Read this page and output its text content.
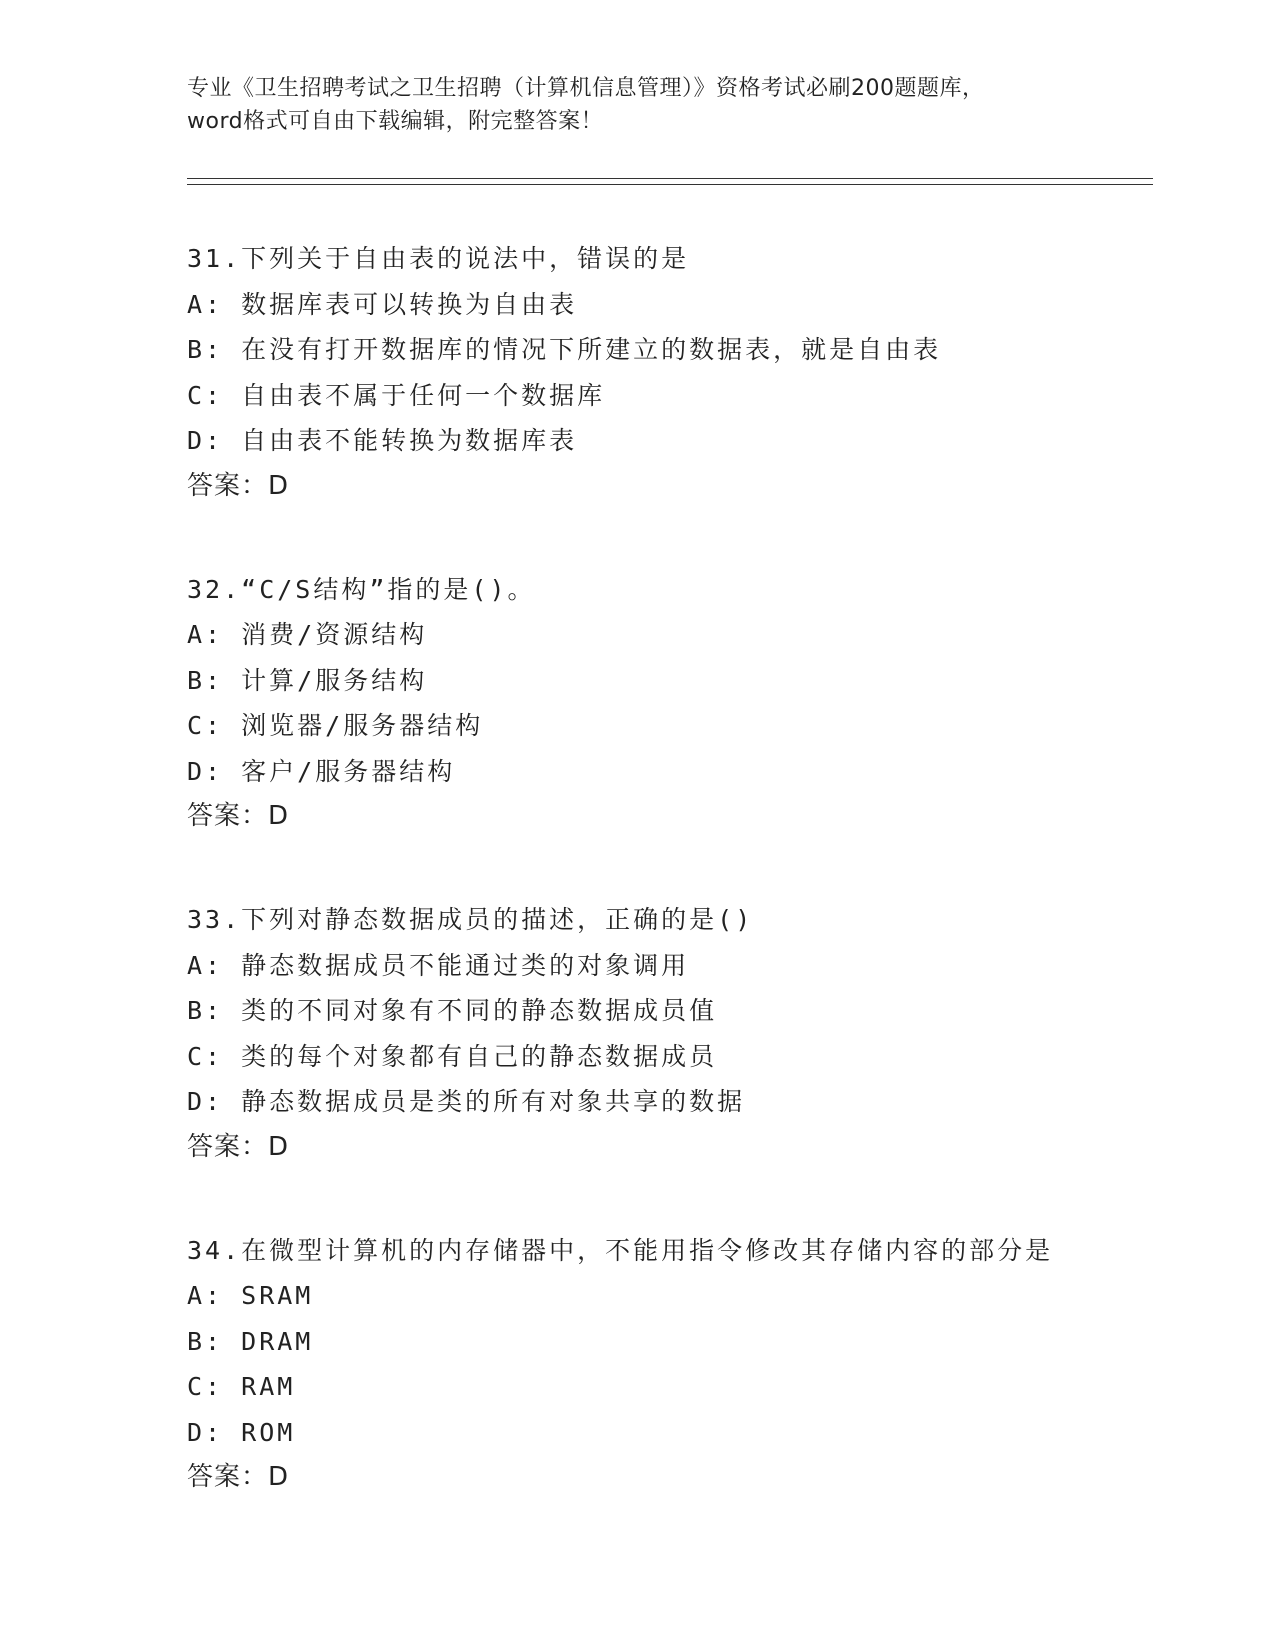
专业《卫生招聘考试之卫生招聘（计算机信息管理）》资格考试必刷200题题库，
word格式可自由下载编辑，附完整答案！
31.下列关于自由表的说法中，错误的是
A: 数据库表可以转换为自由表
B: 在没有打开数据库的情况下所建立的数据表，就是自由表
C: 自由表不属于任何一个数据库
D: 自由表不能转换为数据库表
答案：D
32.“C/S结构”指的是()。
A: 消费/资源结构
B: 计算/服务结构
C: 浏览器/服务器结构
D: 客户/服务器结构
答案：D
33.下列对静态数据成员的描述，正确的是()
A: 静态数据成员不能通过类的对象调用
B: 类的不同对象有不同的静态数据成员值
C: 类的每个对象都有自己的静态数据成员
D: 静态数据成员是类的所有对象共享的数据
答案：D
34.在微型计算机的内存储器中，不能用指令修改其存储内容的部分是
A: SRAM
B: DRAM
C: RAM
D: ROM
答案：D
